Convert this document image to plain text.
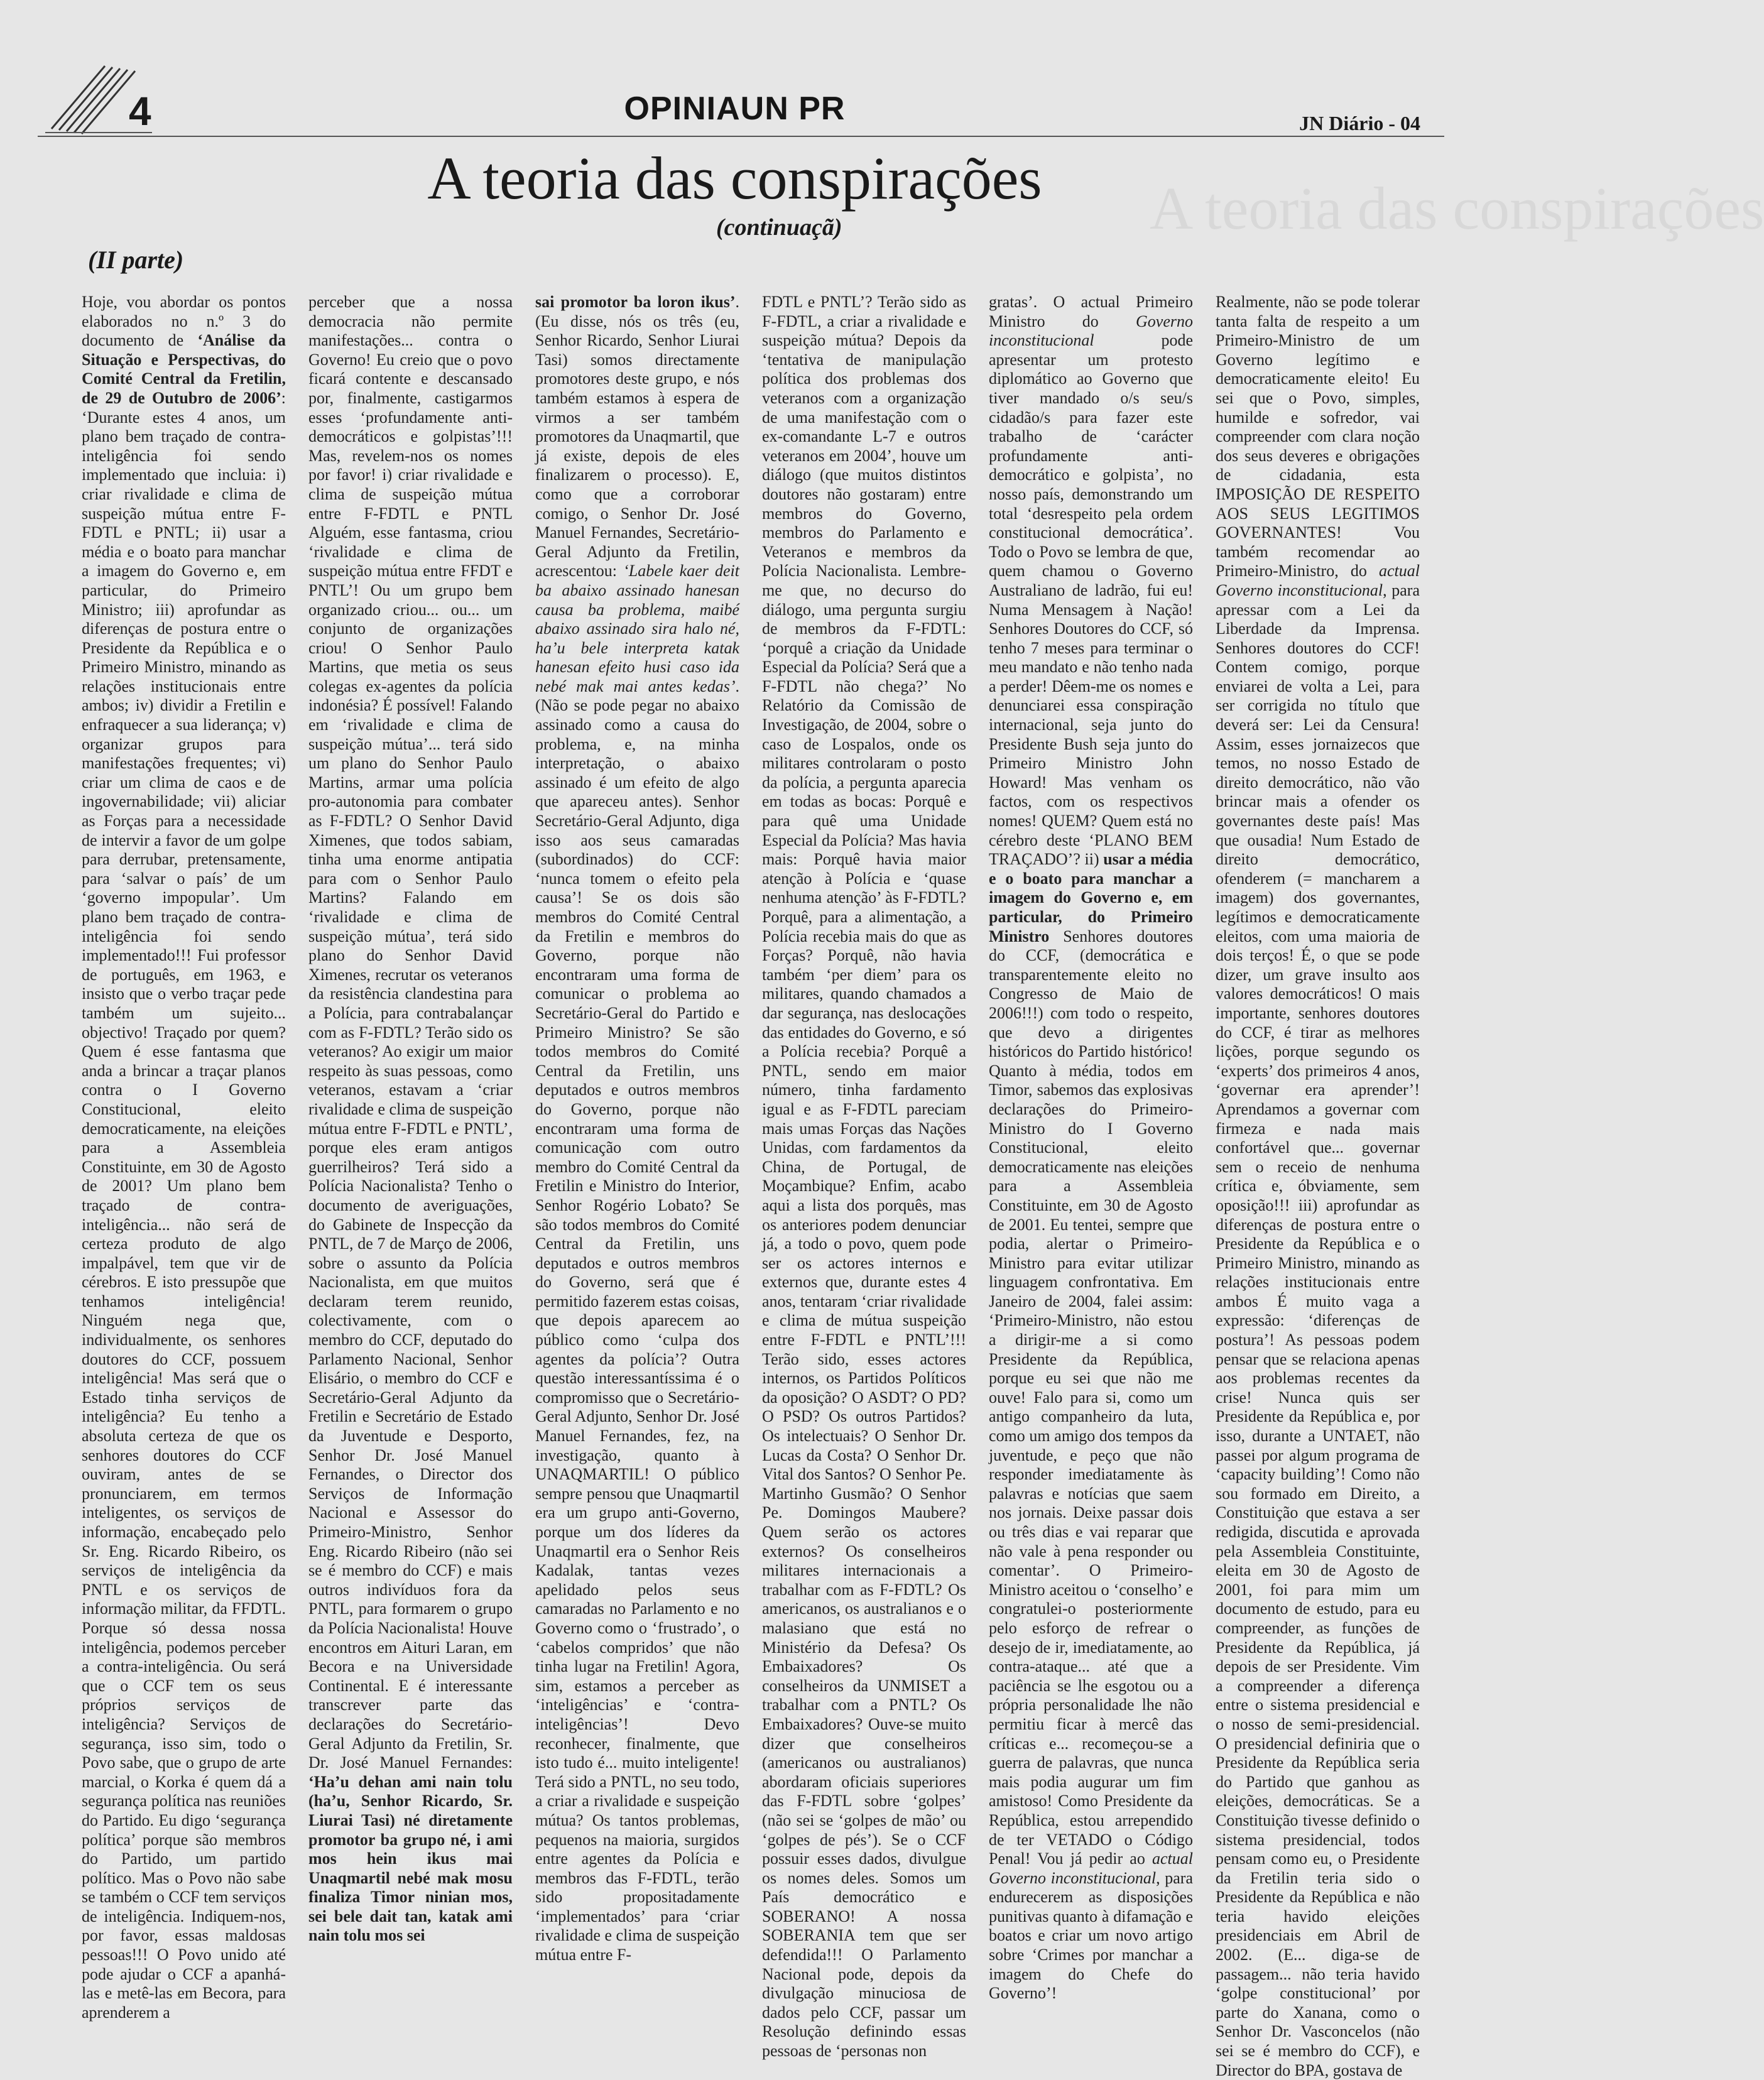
4	OPINIAUN PR	JN Diário - 04
A teoria das conspirações
A teoria das conspirações
(continuaçã)
(II parte)

Hoje, vou abordar os pontos elaborados no n.º 3 do documento de ‘Análise da Situação e Perspectivas, do Comité Central da Fretilin, de 29 de Outubro de 2006’: ‘Durante estes 4 anos, um plano bem traçado de contra-inteligência foi sendo implementado que incluia: i) criar rivalidade e clima de suspeição mútua entre F-FDTL e PNTL; ii) usar a média e o boato para manchar a imagem do Governo e, em particular, do Primeiro Ministro; iii) aprofundar as diferenças de postura entre o Presidente da República e o Primeiro Ministro, minando as relações institucionais entre ambos; iv) dividir a Fretilin e enfraquecer a sua liderança; v) organizar grupos para manifestações frequentes; vi) criar um clima de caos e de ingovernabilidade; vii) aliciar as Forças para a necessidade de intervir a favor de um golpe para derrubar, pretensamente, para ‘salvar o país’ de um ‘governo impopular’. Um plano bem traçado de contra-inteligência foi sendo implementado!!! Fui professor de português, em 1963, e insisto que o verbo traçar pede também um sujeito... objectivo! Traçado por quem? Quem é esse fantasma que anda a brincar a traçar planos contra o I Governo Constitucional, eleito democraticamente, na eleições para a Assembleia Constituinte, em 30 de Agosto de 2001? Um plano bem traçado de contra-inteligência... não será de certeza produto de algo impalpável, tem que vir de cérebros. E isto pressupõe que tenhamos inteligência! Ninguém nega que, individualmente, os senhores doutores do CCF, possuem inteligência! Mas será que o Estado tinha serviços de inteligência? Eu tenho a absoluta certeza de que os senhores doutores do CCF ouviram, antes de se pronunciarem, em termos inteligentes, os serviços de informação, encabeçado pelo Sr. Eng. Ricardo Ribeiro, os serviços de inteligência da PNTL e os serviços de informação militar, da FFDTL. Porque só dessa nossa inteligência, podemos perceber a contra-inteligência. Ou será que o CCF tem os seus próprios serviços de inteligência? Serviços de segurança, isso sim, todo o Povo sabe, que o grupo de arte marcial, o Korka é quem dá a segurança política nas reuniões do Partido. Eu digo ‘segurança política’ porque são membros do Partido, um partido político. Mas o Povo não sabe se também o CCF tem serviços de inteligência. Indiquem-nos, por favor, essas maldosas pessoas!!! O Povo unido até pode ajudar o CCF a apanhá-las e metê-las em Becora, para aprenderem a

perceber que a nossa democracia não permite manifestações... contra o Governo! Eu creio que o povo ficará contente e descansado por, finalmente, castigarmos esses ‘profundamente anti-democráticos e golpistas’!!! Mas, revelem-nos os nomes por favor! i) criar rivalidade e clima de suspeição mútua entre F-FDTL e PNTL Alguém, esse fantasma, criou ‘rivalidade e clima de suspeição mútua entre FFDT e PNTL’! Ou um grupo bem organizado criou... ou... um conjunto de organizações criou! O Senhor Paulo Martins, que metia os seus colegas ex-agentes da polícia indonésia? É possível! Falando em ‘rivalidade e clima de suspeição mútua’... terá sido um plano do Senhor Paulo Martins, armar uma polícia pro-autonomia para combater as F-FDTL? O Senhor David Ximenes, que todos sabiam, tinha uma enorme antipatia para com o Senhor Paulo Martins? Falando em ‘rivalidade e clima de suspeição mútua’, terá sido plano do Senhor David Ximenes, recrutar os veteranos da resistência clandestina para a Polícia, para contrabalançar com as F-FDTL? Terão sido os veteranos? Ao exigir um maior respeito às suas pessoas, como veteranos, estavam a ‘criar rivalidade e clima de suspeição mútua entre F-FDTL e PNTL’, porque eles eram antigos guerrilheiros? Terá sido a Polícia Nacionalista? Tenho o documento de averiguações, do Gabinete de Inspecção da PNTL, de 7 de Março de 2006, sobre o assunto da Polícia Nacionalista, em que muitos declaram terem reunido, colectivamente, com o membro do CCF, deputado do Parlamento Nacional, Senhor Elisário, o membro do CCF e Secretário-Geral Adjunto da Fretilin e Secretário de Estado da Juventude e Desporto, Senhor Dr. José Manuel Fernandes, o Director dos Serviços de Informação Nacional e Assessor do Primeiro-Ministro, Senhor Eng. Ricardo Ribeiro (não sei se é membro do CCF) e mais outros indivíduos fora da PNTL, para formarem o grupo da Polícia Nacionalista! Houve encontros em Aituri Laran, em Becora e na Universidade Continental. E é interessante transcrever parte das declarações do Secretário-Geral Adjunto da Fretilin, Sr. Dr. José Manuel Fernandes: ‘Ha’u dehan ami nain tolu (ha’u, Senhor Ricardo, Sr. Liurai Tasi) né diretamente promotor ba grupo né, i ami mos hein ikus mai Unaqmartil nebé mak mosu finaliza Timor ninian mos, sei bele dait tan, katak ami nain tolu mos sei

sai promotor ba loron ikus’. (Eu disse, nós os três (eu, Senhor Ricardo, Senhor Liurai Tasi) somos directamente promotores deste grupo, e nós também estamos à espera de virmos a ser também promotores da Unaqmartil, que já existe, depois de eles finalizarem o processo). E, como que a corroborar comigo, o Senhor Dr. José Manuel Fernandes, Secretário-Geral Adjunto da Fretilin, acrescentou: ‘Labele kaer deit ba abaixo assinado hanesan causa ba problema, maibé abaixo assinado sira halo né, ha’u bele interpreta katak hanesan efeito husi caso ida nebé mak mai antes kedas’. (Não se pode pegar no abaixo assinado como a causa do problema, e, na minha interpretação, o abaixo assinado é um efeito de algo que apareceu antes). Senhor Secretário-Geral Adjunto, diga isso aos seus camaradas (subordinados) do CCF: ‘nunca tomem o efeito pela causa’! Se os dois são membros do Comité Central da Fretilin e membros do Governo, porque não encontraram uma forma de comunicar o problema ao Secretário-Geral do Partido e Primeiro Ministro? Se são todos membros do Comité Central da Fretilin, uns deputados e outros membros do Governo, porque não encontraram uma forma de comunicação com outro membro do Comité Central da Fretilin e Ministro do Interior, Senhor Rogério Lobato? Se são todos membros do Comité Central da Fretilin, uns deputados e outros membros do Governo, será que é permitido fazerem estas coisas, que depois aparecem ao público como ‘culpa dos agentes da polícia’? Outra questão interessantíssima é o compromisso que o Secretário-Geral Adjunto, Senhor Dr. José Manuel Fernandes, fez, na investigação, quanto à UNAQMARTIL! O público sempre pensou que Unaqmartil era um grupo anti-Governo, porque um dos líderes da Unaqmartil era o Senhor Reis Kadalak, tantas vezes apelidado pelos seus camaradas no Parlamento e no Governo como o ‘frustrado’, o ‘cabelos compridos’ que não tinha lugar na Fretilin! Agora, sim, estamos a perceber as ‘inteligências’ e ‘contra-inteligências’! Devo reconhecer, finalmente, que isto tudo é... muito inteligente! Terá sido a PNTL, no seu todo, a criar a rivalidade e suspeição mútua? Os tantos problemas, pequenos na maioria, surgidos entre agentes da Polícia e membros das F-FDTL, terão sido propositadamente ‘implementados’ para ‘criar rivalidade e clima de suspeição mútua entre F-

FDTL e PNTL’? Terão sido as F-FDTL, a criar a rivalidade e suspeição mútua? Depois da ‘tentativa de manipulação política dos problemas dos veteranos com a organização de uma manifestação com o ex-comandante L-7 e outros veteranos em 2004’, houve um diálogo (que muitos distintos doutores não gostaram) entre membros do Governo, membros do Parlamento e Veteranos e membros da Polícia Nacionalista. Lembre-me que, no decurso do diálogo, uma pergunta surgiu de membros da F-FDTL: ‘porquê a criação da Unidade Especial da Polícia? Será que a F-FDTL não chega?’ No Relatório da Comissão de Investigação, de 2004, sobre o caso de Lospalos, onde os militares controlaram o posto da polícia, a pergunta aparecia em todas as bocas: Porquê e para quê uma Unidade Especial da Polícia? Mas havia mais: Porquê havia maior atenção à Polícia e ‘quase nenhuma atenção’ às F-FDTL? Porquê, para a alimentação, a Polícia recebia mais do que as Forças? Porquê, não havia também ‘per diem’ para os militares, quando chamados a dar segurança, nas deslocações das entidades do Governo, e só a Polícia recebia? Porquê a PNTL, sendo em maior número, tinha fardamento igual e as F-FDTL pareciam mais umas Forças das Nações Unidas, com fardamentos da China, de Portugal, de Moçambique? Enfim, acabo aqui a lista dos porquês, mas os anteriores podem denunciar já, a todo o povo, quem pode ser os actores internos e externos que, durante estes 4 anos, tentaram ‘criar rivalidade e clima de mútua suspeição entre F-FDTL e PNTL’!!! Terão sido, esses actores internos, os Partidos Políticos da oposição? O ASDT? O PD? O PSD? Os outros Partidos? Os intelectuais? O Senhor Dr. Lucas da Costa? O Senhor Dr. Vital dos Santos? O Senhor Pe. Martinho Gusmão? O Senhor Pe. Domingos Maubere? Quem serão os actores externos? Os conselheiros militares internacionais a trabalhar com as F-FDTL? Os americanos, os australianos e o malasiano que está no Ministério da Defesa? Os Embaixadores? Os conselheiros da UNMISET a trabalhar com a PNTL? Os Embaixadores? Ouve-se muito dizer que conselheiros (americanos ou australianos) abordaram oficiais superiores das F-FDTL sobre ‘golpes’ (não sei se ‘golpes de mão’ ou ‘golpes de pés’). Se o CCF possuir esses dados, divulgue os nomes deles. Somos um País democrático e SOBERANO! A nossa SOBERANIA tem que ser defendida!!! O Parlamento Nacional pode, depois da divulgação minuciosa de dados pelo CCF, passar um Resolução definindo essas pessoas de ‘personas non

gratas’. O actual Primeiro Ministro do Governo inconstitucional pode apresentar um protesto diplomático ao Governo que tiver mandado o/s seu/s cidadão/s para fazer este trabalho de ‘carácter profundamente anti-democrático e golpista’, no nosso país, demonstrando um total ‘desrespeito pela ordem constitucional democrática’. Todo o Povo se lembra de que, quem chamou o Governo Australiano de ladrão, fui eu! Numa Mensagem à Nação! Senhores Doutores do CCF, só tenho 7 meses para terminar o meu mandato e não tenho nada a perder! Dêem-me os nomes e denunciarei essa conspiração internacional, seja junto do Presidente Bush seja junto do Primeiro Ministro John Howard! Mas venham os factos, com os respectivos nomes! QUEM? Quem está no cérebro deste ‘PLANO BEM TRAÇADO’? ii) usar a média e o boato para manchar a imagem do Governo e, em particular, do Primeiro Ministro Senhores doutores do CCF, (democrática e transparentemente eleito no Congresso de Maio de 2006!!!) com todo o respeito, que devo a dirigentes históricos do Partido histórico! Quanto à média, todos em Timor, sabemos das explosivas declarações do Primeiro-Ministro do I Governo Constitucional, eleito democraticamente nas eleições para a Assembleia Constituinte, em 30 de Agosto de 2001. Eu tentei, sempre que podia, alertar o Primeiro-Ministro para evitar utilizar linguagem confrontativa. Em Janeiro de 2004, falei assim: ‘Primeiro-Ministro, não estou a dirigir-me a si como Presidente da República, porque eu sei que não me ouve! Falo para si, como um antigo companheiro da luta, como um amigo dos tempos da juventude, e peço que não responder imediatamente às palavras e notícias que saem nos jornais. Deixe passar dois ou três dias e vai reparar que não vale à pena responder ou comentar’. O Primeiro-Ministro aceitou o ‘conselho’ e congratulei-o posteriormente pelo esforço de refrear o desejo de ir, imediatamente, ao contra-ataque... até que a paciência se lhe esgotou ou a própria personalidade lhe não permitiu ficar à mercê das críticas e... recomeçou-se a guerra de palavras, que nunca mais podia augurar um fim amistoso! Como Presidente da República, estou arrependido de ter VETADO o Código Penal! Vou já pedir ao actual Governo inconstitucional, para endurecerem as disposições punitivas quanto à difamação e boatos e criar um novo artigo sobre ‘Crimes por manchar a imagem do Chefe do Governo’!

Realmente, não se pode tolerar tanta falta de respeito a um Primeiro-Ministro de um Governo legítimo e democraticamente eleito! Eu sei que o Povo, simples, humilde e sofredor, vai compreender com clara noção dos seus deveres e obrigações de cidadania, esta IMPOSIÇÃO DE RESPEITO AOS SEUS LEGITIMOS GOVERNANTES! Vou também recomendar ao Primeiro-Ministro, do actual Governo inconstitucional, para apressar com a Lei da Liberdade da Imprensa. Senhores doutores do CCF! Contem comigo, porque enviarei de volta a Lei, para ser corrigida no título que deverá ser: Lei da Censura! Assim, esses jornaizecos que temos, no nosso Estado de direito democrático, não vão brincar mais a ofender os governantes deste país! Mas que ousadia! Num Estado de direito democrático, ofenderem (= mancharem a imagem) dos governantes, legítimos e democraticamente eleitos, com uma maioria de dois terços! É, o que se pode dizer, um grave insulto aos valores democráticos! O mais importante, senhores doutores do CCF, é tirar as melhores lições, porque segundo os ‘experts’ dos primeiros 4 anos, ‘governar era aprender’! Aprendamos a governar com firmeza e nada mais confortável que... governar sem o receio de nenhuma crítica e, óbviamente, sem oposição!!! iii) aprofundar as diferenças de postura entre o Presidente da República e o Primeiro Ministro, minando as relações institucionais entre ambos É muito vaga a expressão: ‘diferenças de postura’! As pessoas podem pensar que se relaciona apenas aos problemas recentes da crise! Nunca quis ser Presidente da República e, por isso, durante a UNTAET, não passei por algum programa de ‘capacity building’! Como não sou formado em Direito, a Constituição que estava a ser redigida, discutida e aprovada pela Assembleia Constituinte, eleita em 30 de Agosto de 2001, foi para mim um documento de estudo, para eu compreender, as funções de Presidente da República, já depois de ser Presidente. Vim a compreender a diferença entre o sistema presidencial e o nosso de semi-presidencial. O presidencial definiria que o Presidente da República seria do Partido que ganhou as eleições, democráticas. Se a Constituição tivesse definido o sistema presidencial, todos pensam como eu, o Presidente da Fretilin teria sido o Presidente da República e não teria havido eleições presidenciais em Abril de 2002. (E... diga-se de passagem... não teria havido ‘golpe constitucional’ por parte do Xanana, como o Senhor Dr. Vasconcelos (não sei se é membro do CCF), e Director do BPA, gostava de
